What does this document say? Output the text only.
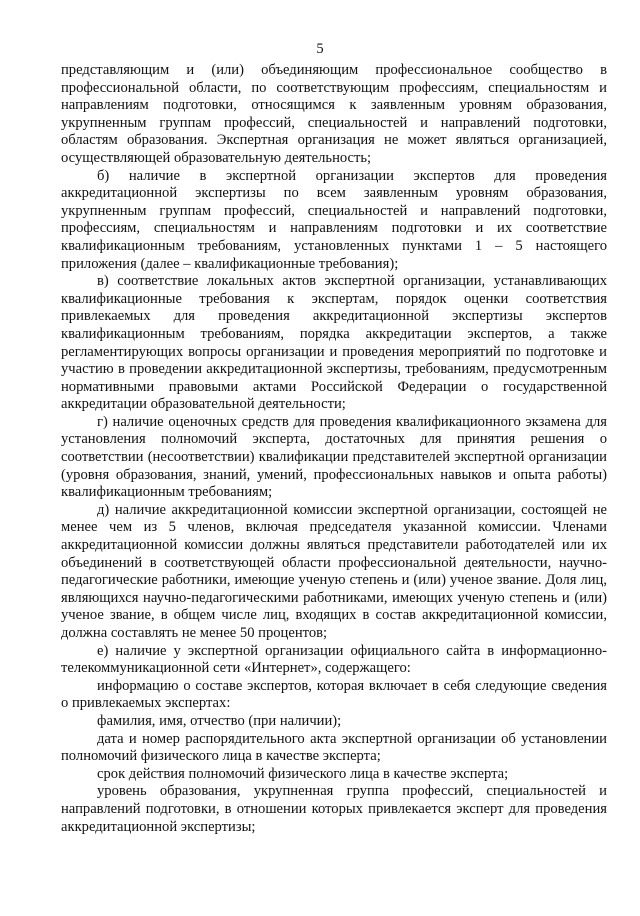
5

представляющим и (или) объединяющим профессиональное сообщество в профессиональной области, по соответствующим профессиям, специальностям и направлениям подготовки, относящимся к заявленным уровням образования, укрупненным группам профессий, специальностей и направлений подготовки, областям образования. Экспертная организация не может являться организацией, осуществляющей образовательную деятельность;

б) наличие в экспертной организации экспертов для проведения аккредитационной экспертизы по всем заявленным уровням образования, укрупненным группам профессий, специальностей и направлений подготовки, профессиям, специальностям и направлениям подготовки и их соответствие квалификационным требованиям, установленных пунктами 1 – 5 настоящего приложения (далее – квалификационные требования);

в) соответствие локальных актов экспертной организации, устанавливающих квалификационные требования к экспертам, порядок оценки соответствия привлекаемых для проведения аккредитационной экспертизы экспертов квалификационным требованиям, порядка аккредитации экспертов, а также регламентирующих вопросы организации и проведения мероприятий по подготовке и участию в проведении аккредитационной экспертизы, требованиям, предусмотренным нормативными правовыми актами Российской Федерации о государственной аккредитации образовательной деятельности;

г) наличие оценочных средств для проведения квалификационного экзамена для установления полномочий эксперта, достаточных для принятия решения о соответствии (несоответствии) квалификации представителей экспертной организации (уровня образования, знаний, умений, профессиональных навыков и опыта работы) квалификационным требованиям;

д) наличие аккредитационной комиссии экспертной организации, состоящей не менее чем из 5 членов, включая председателя указанной комиссии. Членами аккредитационной комиссии должны являться представители работодателей или их объединений в соответствующей области профессиональной деятельности, научно-педагогические работники, имеющие ученую степень и (или) ученое звание. Доля лиц, являющихся научно-педагогическими работниками, имеющих ученую степень и (или) ученое звание, в общем числе лиц, входящих в состав аккредитационной комиссии, должна составлять не менее 50 процентов;

е) наличие у экспертной организации официального сайта в информационно-телекоммуникационной сети «Интернет», содержащего:

информацию о составе экспертов, которая включает в себя следующие сведения о привлекаемых экспертах:

фамилия, имя, отчество (при наличии);

дата и номер распорядительного акта экспертной организации об установлении полномочий физического лица в качестве эксперта;

срок действия полномочий физического лица в качестве эксперта;

уровень образования, укрупненная группа профессий, специальностей и направлений подготовки, в отношении которых привлекается эксперт для проведения аккредитационной экспертизы;
